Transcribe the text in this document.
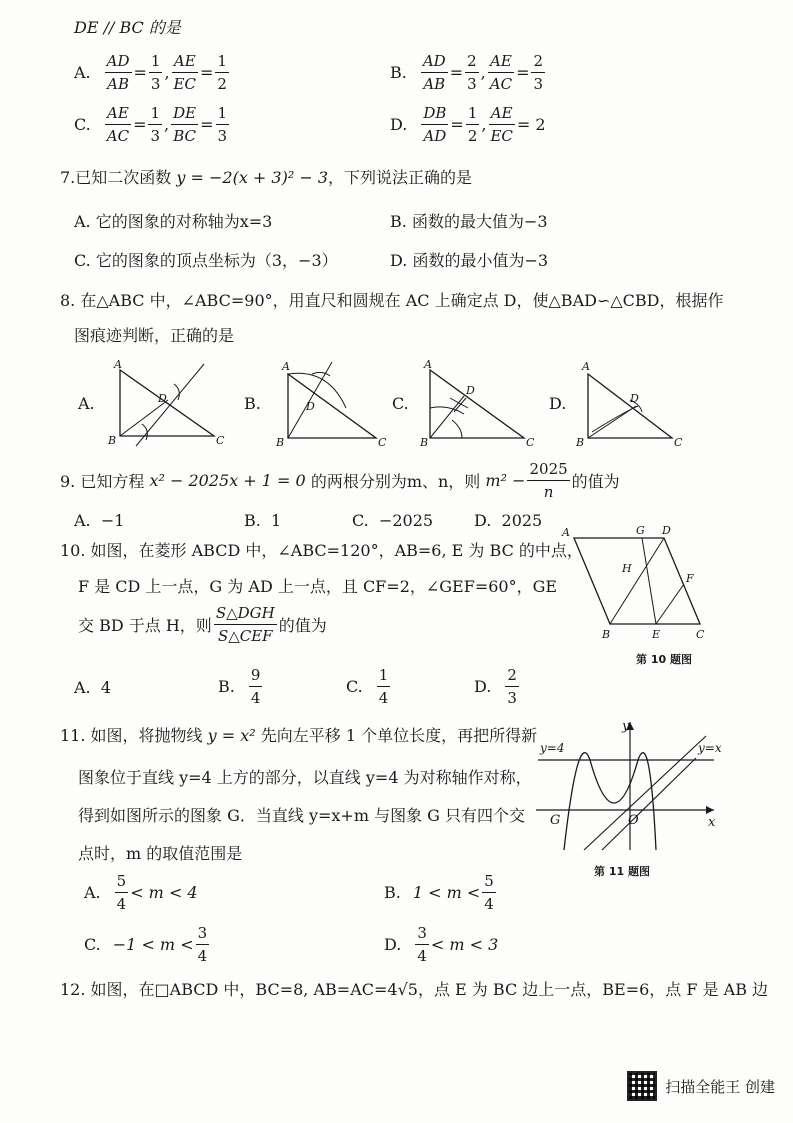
DE // BC 的是
A. $\frac{AD}{AB} = \frac{1}{3}$ , $\frac{AE}{EC} = \frac{1}{2}$	B. $\frac{AD}{AB} = \frac{2}{3}$ , $\frac{AE}{AC} = \frac{2}{3}$
C. $\frac{AE}{AC} = \frac{1}{3}$ , $\frac{DE}{BC} = \frac{1}{3}$	D. $\frac{DB}{AD} = \frac{1}{2}$ , $\frac{AE}{EC} = 2$
7.已知二次函数 y = −2(x + 3)² − 3，下列说法正确的是
A. 它的图象的对称轴为x=3	B. 函数的最大值为−3
C. 它的图象的顶点坐标为（3，−3）	D. 函数的最小值为−3
8. 在△ABC 中，∠ABC=90°，用直尺和圆规在 AC 上确定点 D，使△BAD∽△CBD，根据作
图痕迹判断，正确的是
A.
A
B	C
D	B.
A
B	C
D	C.
A
B	C
D
D.
A
B	C
D
9. 已知方程
x² − 2025x + 1 = 0
的两根分别为m、n，则
$m^2 - \frac{2025}{n}$ 的值为
A. −1	B. 1	C. −2025	D. 2025
10. 如图，在菱形 ABCD 中，∠ABC=120°，AB=6, E 为 BC 的中点，
F 是 CD 上一点，G 为 AD 上一点，且 CF=2，∠GEF=60°，GE
交 BD 于点 H，则 $\frac{\text{S△DGH}}{\text{S△CEF}}$ 的值为
A. 4	B. $\frac{9}{4}$	C. $\frac{1}{4}$	D. $\frac{2}{3}$
A	G D
H
F
B	E	C
第 10 题图
11. 如图，将抛物线 y = x² 先向左平移 1 个单位长度，再把所得新
图象位于直线 y=4 上方的部分，以直线 y=4 为对称轴作对称，
得到如图所示的图象 G．当直线 y=x+m 与图象 G 只有四个交
点时，m 的取值范围是
A. $\frac{5}{4} < m < 4$	B. $1 < m < \frac{5}{4}$
C. $-1 < m < \frac{3}{4}$	D. $\frac{3}{4} < m < 3$
y
x
y=4	y=x
G	O
第 11 题图
12. 如图，在□ABCD 中，BC=8, AB=AC=4√5，点 E 为 BC 边上一点，BE=6，点 F 是 AB 边
扫描全能王 创建
